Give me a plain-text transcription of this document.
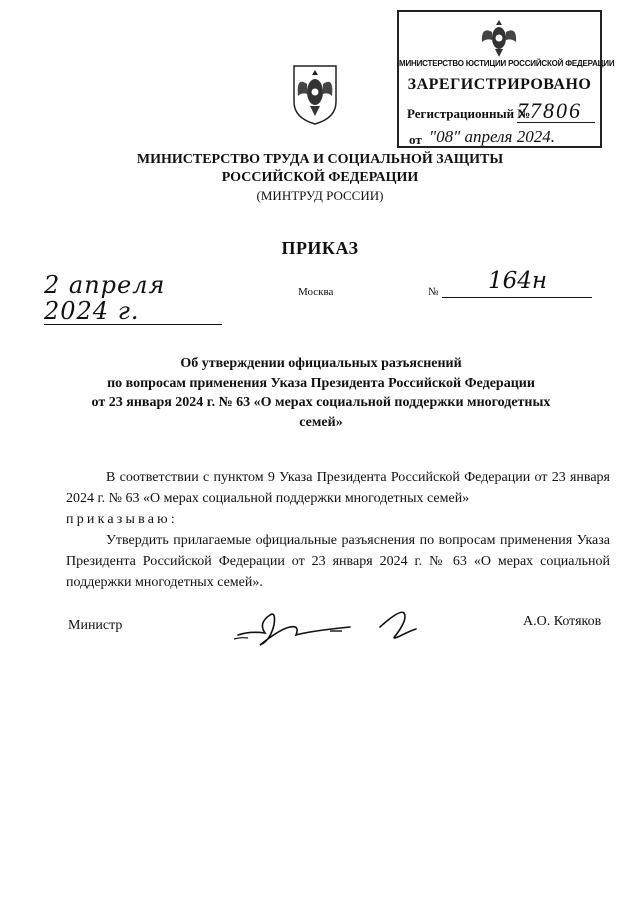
МИНИСТЕРСТВО ЮСТИЦИИ РОССИЙСКОЙ ФЕДЕРАЦИИ
ЗАРЕГИСТРИРОВАНО
Регистрационный №
77806
от "08" апреля 2024.
МИНИСТЕРСТВО ТРУДА И СОЦИАЛЬНОЙ ЗАЩИТЫ
РОССИЙСКОЙ ФЕДЕРАЦИИ
(МИНТРУД РОССИИ)
ПРИКАЗ
2 апреля 2024 г.
Москва	№ 164н
Об утверждении официальных разъяснений
по вопросам применения Указа Президента Российской Федерации
от 23 января 2024 г. № 63 «О мерах социальной поддержки многодетных
семей»

В соответствии с пунктом 9 Указа Президента Российской Федерации от 23 января 2024 г. № 63 «О мерах социальной поддержки многодетных семей»

приказываю:

Утвердить прилагаемые официальные разъяснения по вопросам применения Указа Президента Российской Федерации от 23 января 2024 г. № 63 «О мерах социальной поддержки многодетных семей».

Министр	А.О. Котяков
